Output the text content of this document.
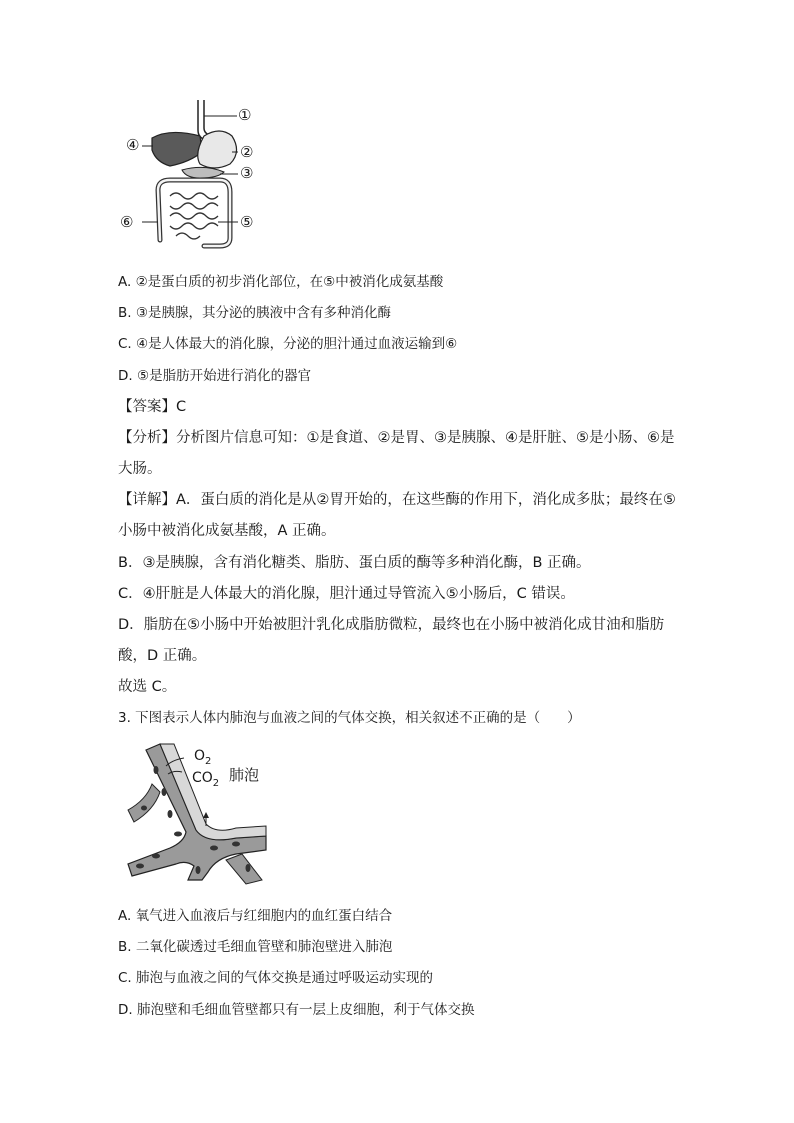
①
②
③
④
⑤
⑥
A. ②是蛋白质的初步消化部位，在⑤中被消化成氨基酸
B. ③是胰腺，其分泌的胰液中含有多种消化酶
C. ④是人体最大的消化腺，分泌的胆汁通过血液运输到⑥
D. ⑤是脂肪开始进行消化的器官
【答案】C
【分析】分析图片信息可知：①是食道、②是胃、③是胰腺、④是肝脏、⑤是小肠、⑥是
大肠。
【详解】A．蛋白质的消化是从②胃开始的，在这些酶的作用下，消化成多肽；最终在⑤
小肠中被消化成氨基酸，A 正确。
B．③是胰腺，含有消化糖类、脂肪、蛋白质的酶等多种消化酶，B 正确。
C．④肝脏是人体最大的消化腺，胆汁通过导管流入⑤小肠后，C 错误。
D．脂肪在⑤小肠中开始被胆汁乳化成脂肪微粒，最终也在小肠中被消化成甘油和脂肪
酸，D 正确。
故选 C。
3. 下图表示人体内肺泡与血液之间的气体交换，相关叙述不正确的是（　　）
$O_2$
$CO_2$ 肺泡
A. 氧气进入血液后与红细胞内的血红蛋白结合
B. 二氧化碳透过毛细血管壁和肺泡壁进入肺泡
C. 肺泡与血液之间的气体交换是通过呼吸运动实现的
D. 肺泡壁和毛细血管壁都只有一层上皮细胞，利于气体交换
